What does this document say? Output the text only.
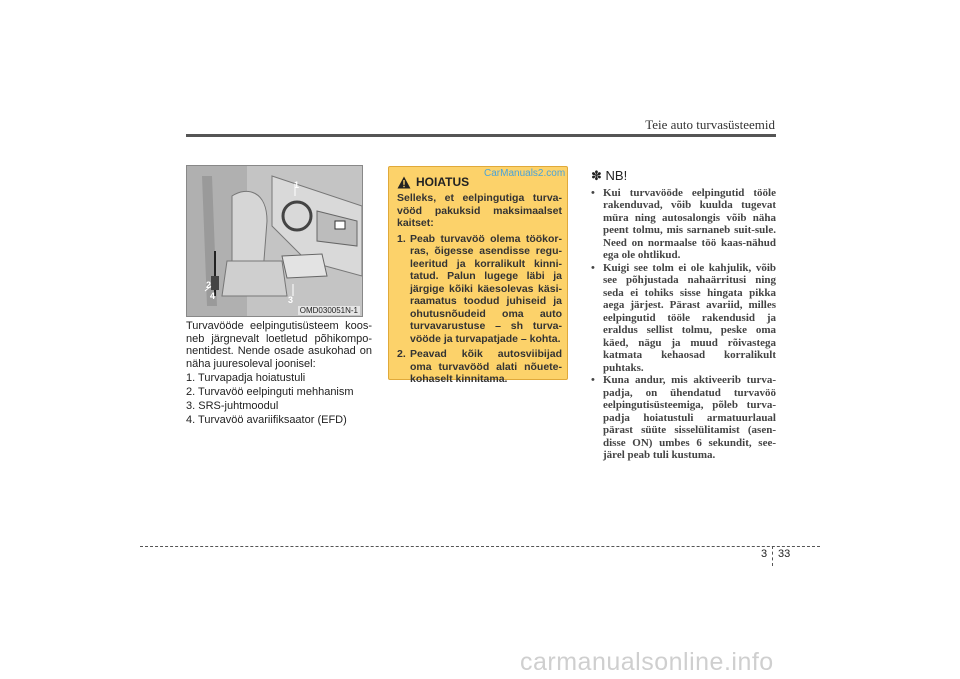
Teie auto turvasüsteemid
1
2
3
4
OMD030051N-1

Turvavööde eelpingutisüsteem koos-neb järgnevalt loetletud põhikompo-nentidest. Nende osade asukohad on näha juuresoleval joonisel:

1. Turvapadja hoiatustuli
2. Turvavöö eelpinguti mehhanism
3. SRS-juhtmoodul
4. Turvavöö avariifiksaator (EFD)
HOIATUS

Selleks, et eelpingutiga turva-vööd pakuksid maksimaalset kaitset:

1. Peab turvavöö olema töökor-ras, õigesse asendisse regu-leeritud ja korralikult kinni-tatud. Palun lugege läbi ja järgige kõiki käesolevas käsi-raamatus toodud juhiseid ja ohutusnõudeid oma auto turvavarustuse – sh turva-vööde ja turvapatjade – kohta.
2. Peavad kõik autosviibijad oma turvavööd alati nõuete-kohaselt kinnitama.
CarManuals2.com ✽ NB!
• Kui turvavööde eelpingutid tööle rakenduvad, võib kuulda tugevat müra ning autosalongis võib näha peent tolmu, mis sarnaneb suit-sule. Need on normaalse töö kaas-nähud ega ole ohtlikud.
• Kuigi see tolm ei ole kahjulik, võib see põhjustada nahaärritusi ning seda ei tohiks sisse hingata pikka aega järjest. Pärast avariid, milles eelpingutid tööle rakendusid ja eraldus sellist tolmu, peske oma käed, nägu ja muud rõivastega katmata kehaosad korralikult puhtaks.
• Kuna andur, mis aktiveerib turva-padja, on ühendatud turvavöö eelpingutisüsteemiga, põleb turva-padja hoiatustuli armatuurlaual pärast süüte sisselülitamist (asen-disse ON) umbes 6 sekundit, see-järel peab tuli kustuma.
3 33
carmanualsonline.info
